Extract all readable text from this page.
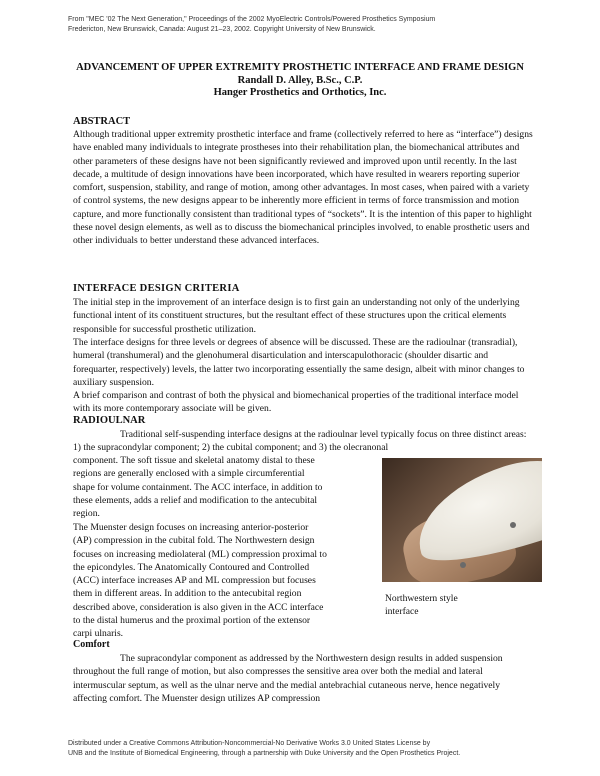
From "MEC '02 The Next Generation," Proceedings of the 2002 MyoElectric Controls/Powered Prosthetics Symposium
Fredericton, New Brunswick, Canada: August 21–23, 2002. Copyright University of New Brunswick.
ADVANCEMENT OF UPPER EXTREMITY PROSTHETIC INTERFACE AND FRAME DESIGN
Randall D. Alley, B.Sc., C.P.
Hanger Prosthetics and Orthotics, Inc.
ABSTRACT
Although traditional upper extremity prosthetic interface and frame (collectively referred to here as “interface”) designs have enabled many individuals to integrate prostheses into their rehabilitation plan, the biomechanical attributes and other parameters of these designs have not been significantly reviewed and improved upon until recently. In the last decade, a multitude of design innovations have been incorporated, which have resulted in wearers reporting superior comfort, suspension, stability, and range of motion, among other advantages. In most cases, when paired with a variety of control systems, the new designs appear to be inherently more efficient in terms of force transmission and motion capture, and more functionally consistent than traditional types of “sockets”. It is the intention of this paper to highlight these novel design elements, as well as to discuss the biomechanical principles involved, to enable prosthetic users and other individuals to better understand these advanced interfaces.
INTERFACE DESIGN CRITERIA
The initial step in the improvement of an interface design is to first gain an understanding not only of the underlying functional intent of its constituent structures, but the resultant effect of these structures upon the critical elements responsible for successful prosthetic utilization.
The interface designs for three levels or degrees of absence will be discussed. These are the radioulnar (transradial), humeral (transhumeral) and the glenohumeral disarticulation and interscapulothoracic (shoulder disartic and forequarter, respectively) levels, the latter two incorporating essentially the same design, albeit with minor changes to auxiliary suspension.
A brief comparison and contrast of both the physical and biomechanical properties of the traditional interface model with its more contemporary associate will be given.
RADIOULNAR
Traditional self-suspending interface designs at the radioulnar level typically focus on three distinct areas: 1) the supracondylar component; 2) the cubital component; and 3) the olecranonal
component. The soft tissue and skeletal anatomy distal to these
regions are generally enclosed with a simple circumferential
shape for volume containment. The ACC interface, in addition to
these elements, adds a relief and modification to the antecubital
region.
The Muenster design focuses on increasing anterior-posterior
(AP) compression in the cubital fold. The Northwestern design
focuses on increasing mediolateral (ML) compression proximal to
the epicondyles. The Anatomically Contoured and Controlled
(ACC) interface increases AP and ML compression but focuses
them in different areas. In addition to the antecubital region
described above, consideration is also given in the ACC interface
to the distal humerus and the proximal portion of the extensor
carpi ulnaris.
Northwestern style
interface
Comfort
The supracondylar component as addressed by the Northwestern design results in added suspension throughout the full range of motion, but also compresses the sensitive area over both the medial and lateral intermuscular septum, as well as the ulnar nerve and the medial antebrachial cutaneous nerve, hence negatively affecting comfort. The Muenster design utilizes AP compression
Distributed under a Creative Commons Attribution-Noncommercial-No Derivative Works 3.0 United States License by
UNB and the Institute of Biomedical Engineering, through a partnership with Duke University and the Open Prosthetics Project.
